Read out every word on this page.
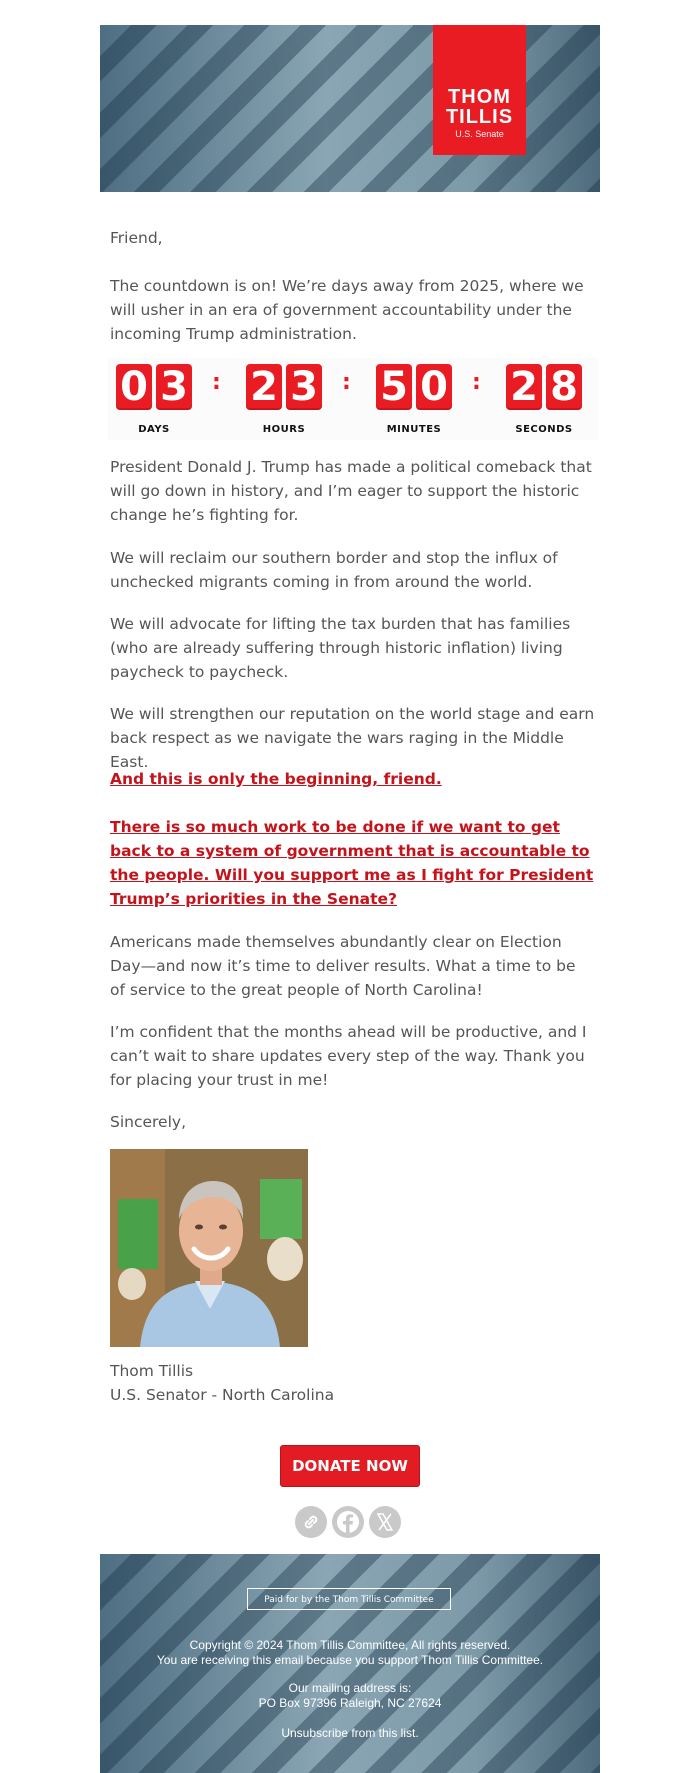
THOM
TILLIS
U.S. Senate

Friend,

The countdown is on! We’re days away from 2025, where we will usher in an era of government accountability under the incoming Trump administration.

0 3
DAYS
: 2 3
HOURS
: 5 0
MINUTES
: 2 8
SECONDS

President Donald J. Trump has made a political comeback that will go down in history, and I’m eager to support the historic change he’s fighting for.

We will reclaim our southern border and stop the influx of unchecked migrants coming in from around the world.

We will advocate for lifting the tax burden that has families (who are already suffering through historic inflation) living paycheck to paycheck.

We will strengthen our reputation on the world stage and earn back respect as we navigate the wars raging in the Middle East.

And this is only the beginning, friend.

There is so much work to be done if we want to get back to a system of government that is accountable to the people. Will you support me as I fight for President Trump’s priorities in the Senate?

Americans made themselves abundantly clear on Election Day—and now it’s time to deliver results. What a time to be of service to the great people of North Carolina!

I’m confident that the months ahead will be productive, and I can’t wait to share updates every step of the way. Thank you for placing your trust in me!

Sincerely,

Thom Tillis

U.S. Senator - North Carolina

DONATE NOW
Paid for by the Thom Tillis Committee
Copyright © 2024 Thom Tillis Committee, All rights reserved.
You are receiving this email because you support Thom Tillis Committee.
Our mailing address is:
PO Box 97396 Raleigh, NC 27624
Unsubscribe from this list.
